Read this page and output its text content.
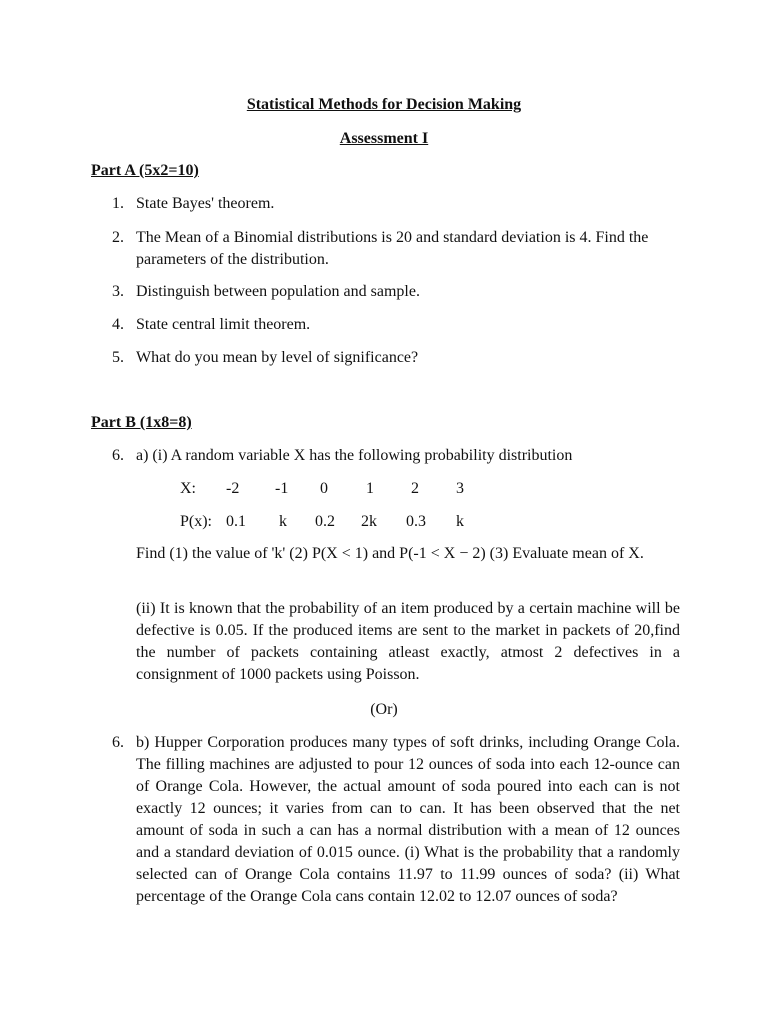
Statistical Methods for Decision Making
Assessment I
Part A (5x2=10)
1. State Bayes' theorem.
2. The Mean of a Binomial distributions is 20 and standard deviation is 4. Find the parameters of the distribution.
3. Distinguish between population and sample.
4. State central limit theorem.
5. What do you mean by level of significance?
Part B (1x8=8)
6. a) (i) A random variable X has the following probability distribution
X: -2 -1 0 1 2 3
P(x): 0.1 k 0.2 2k 0.3 k
Find (1) the value of 'k' (2) P(X < 1) and P(-1 < X − 2) (3) Evaluate mean of X.
(ii) It is known that the probability of an item produced by a certain machine will be defective is 0.05. If the produced items are sent to the market in packets of 20,find the number of packets containing atleast exactly, atmost 2 defectives in a consignment of 1000 packets using Poisson.
(Or)
6. b) Hupper Corporation produces many types of soft drinks, including Orange Cola. The filling machines are adjusted to pour 12 ounces of soda into each 12-ounce can of Orange Cola. However, the actual amount of soda poured into each can is not exactly 12 ounces; it varies from can to can. It has been observed that the net amount of soda in such a can has a normal distribution with a mean of 12 ounces and a standard deviation of 0.015 ounce. (i) What is the probability that a randomly selected can of Orange Cola contains 11.97 to 11.99 ounces of soda? (ii) What percentage of the Orange Cola cans contain 12.02 to 12.07 ounces of soda?
